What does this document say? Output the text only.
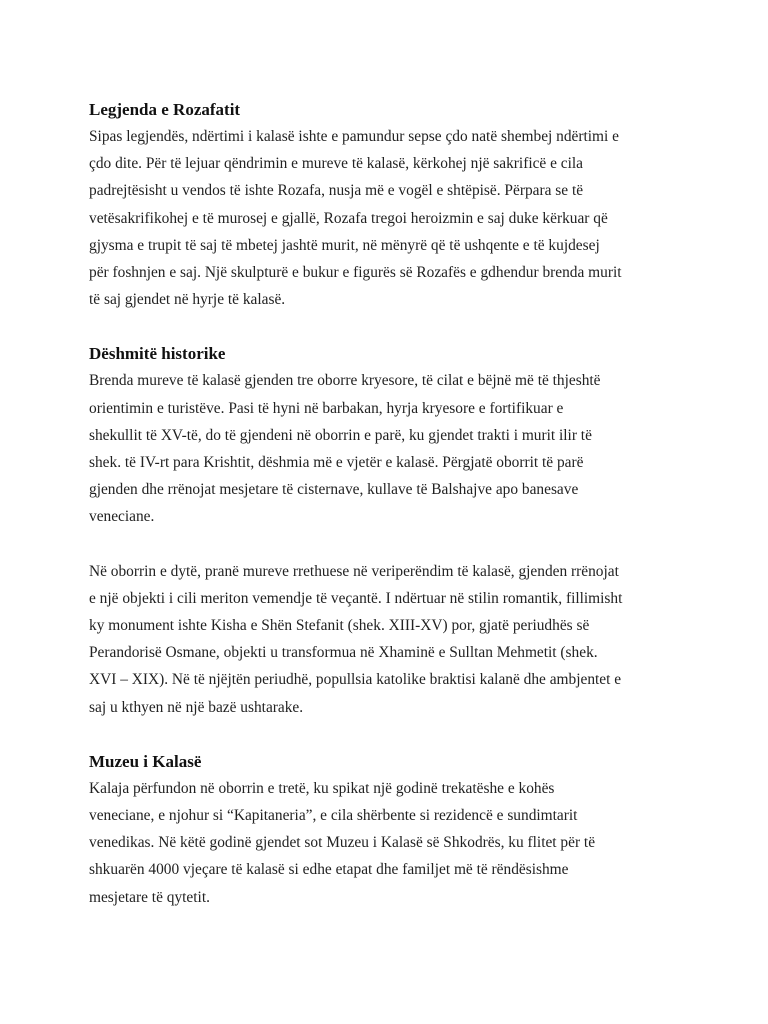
Legjenda e Rozafatit

Sipas legjendës, ndërtimi i kalasë ishte e pamundur sepse çdo natë shembej ndërtimi e
çdo dite. Për të lejuar qëndrimin e mureve të kalasë, kërkohej një sakrificë e cila
padrejtësisht u vendos të ishte Rozafa, nusja më e vogël e shtëpisë. Përpara se të
vetësakrifikohej e të murosej e gjallë, Rozafa tregoi heroizmin e saj duke kërkuar që
gjysma e trupit të saj të mbetej jashtë murit, në mënyrë që të ushqente e të kujdesej
për foshnjen e saj. Një skulpturë e bukur e figurës së Rozafës e gdhendur brenda murit
të saj gjendet në hyrje të kalasë.

Dëshmitë historike

Brenda mureve të kalasë gjenden tre oborre kryesore, të cilat e bëjnë më të thjeshtë
orientimin e turistëve. Pasi të hyni në barbakan, hyrja kryesore e fortifikuar e
shekullit të XV-të, do të gjendeni në oborrin e parë, ku gjendet trakti i murit ilir të
shek. të IV-rt para Krishtit, dëshmia më e vjetër e kalasë. Përgjatë oborrit të parë
gjenden dhe rrënojat mesjetare të cisternave, kullave të Balshajve apo banesave
veneciane.

Në oborrin e dytë, pranë mureve rrethuese në veriperëndim të kalasë, gjenden rrënojat
e një objekti i cili meriton vemendje të veçantë. I ndërtuar në stilin romantik, fillimisht
ky monument ishte Kisha e Shën Stefanit (shek. XIII-XV) por, gjatë periudhës së
Perandorisë Osmane, objekti u transformua në Xhaminë e Sulltan Mehmetit (shek.
XVI – XIX). Në të njëjtën periudhë, popullsia katolike braktisi kalanë dhe ambjentet e
saj u kthyen në një bazë ushtarake.

Muzeu i Kalasë

Kalaja përfundon në oborrin e tretë, ku spikat një godinë trekatëshe e kohës
veneciane, e njohur si “Kapitaneria”, e cila shërbente si rezidencë e sundimtarit
venedikas. Në këtë godinë gjendet sot Muzeu i Kalasë së Shkodrës, ku flitet për të
shkuarën 4000 vjeçare të kalasë si edhe etapat dhe familjet më të rëndësishme
mesjetare të qytetit.
